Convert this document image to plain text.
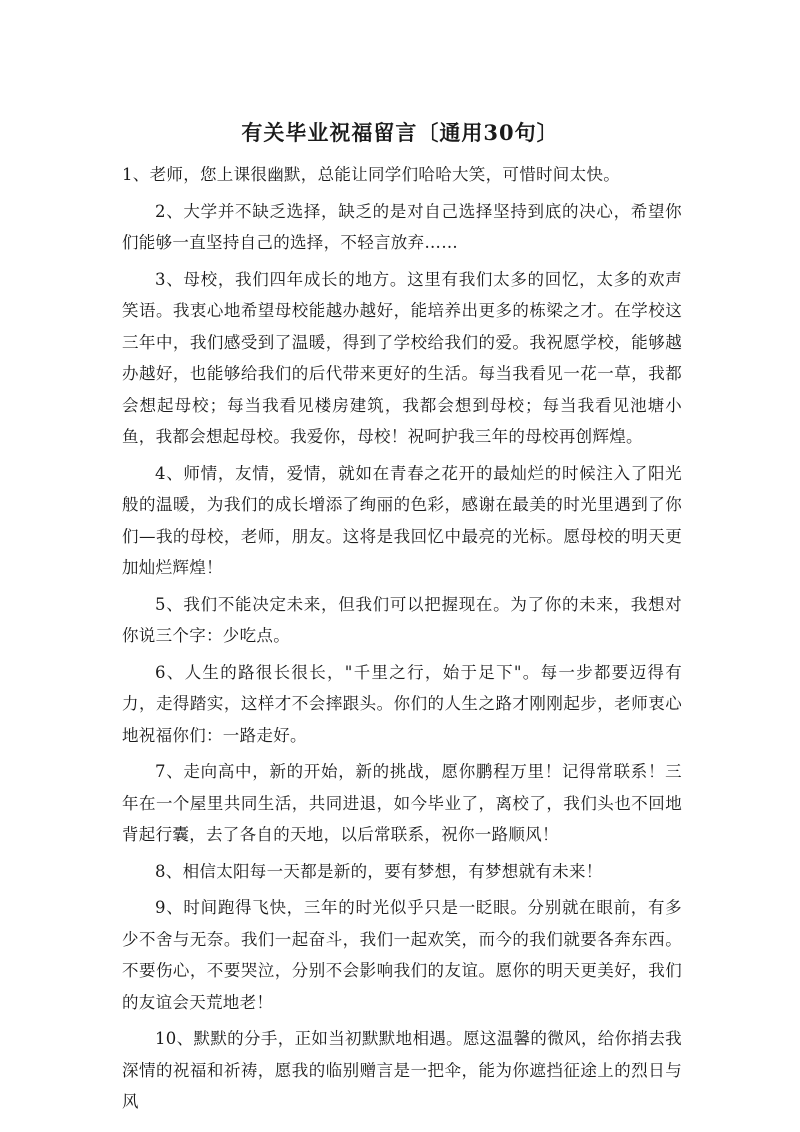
有关毕业祝福留言〔通用30句〕

1、老师，您上课很幽默，总能让同学们哈哈大笑，可惜时间太快。

2、大学并不缺乏选择，缺乏的是对自己选择坚持到底的决心，希望你们能够一直坚持自己的选择，不轻言放弃……

3、母校，我们四年成长的地方。这里有我们太多的回忆，太多的欢声笑语。我衷心地希望母校能越办越好，能培养出更多的栋梁之才。在学校这三年中，我们感受到了温暖，得到了学校给我们的爱。我祝愿学校，能够越办越好，也能够给我们的后代带来更好的生活。每当我看见一花一草，我都会想起母校；每当我看见楼房建筑，我都会想到母校；每当我看见池塘小鱼，我都会想起母校。我爱你，母校！祝呵护我三年的母校再创辉煌。

4、师情，友情，爱情，就如在青春之花开的最灿烂的时候注入了阳光般的温暖，为我们的成长增添了绚丽的色彩，感谢在最美的时光里遇到了你们—我的母校，老师，朋友。这将是我回忆中最亮的光标。愿母校的明天更加灿烂辉煌！

5、我们不能决定未来，但我们可以把握现在。为了你的未来，我想对你说三个字：少吃点。

6、人生的路很长很长，"千里之行，始于足下"。每一步都要迈得有力，走得踏实，这样才不会摔跟头。你们的人生之路才刚刚起步，老师衷心地祝福你们：一路走好。

7、走向高中，新的开始，新的挑战，愿你鹏程万里！记得常联系！三年在一个屋里共同生活，共同进退，如今毕业了，离校了，我们头也不回地背起行囊，去了各自的天地，以后常联系，祝你一路顺风！

8、相信太阳每一天都是新的，要有梦想，有梦想就有未来！

9、时间跑得飞快，三年的时光似乎只是一眨眼。分别就在眼前，有多少不舍与无奈。我们一起奋斗，我们一起欢笑，而今的我们就要各奔东西。不要伤心，不要哭泣，分别不会影响我们的友谊。愿你的明天更美好，我们的友谊会天荒地老！

10、默默的分手，正如当初默默地相遇。愿这温馨的微风，给你捎去我深情的祝福和祈祷，愿我的临别赠言是一把伞，能为你遮挡征途上的烈日与风
